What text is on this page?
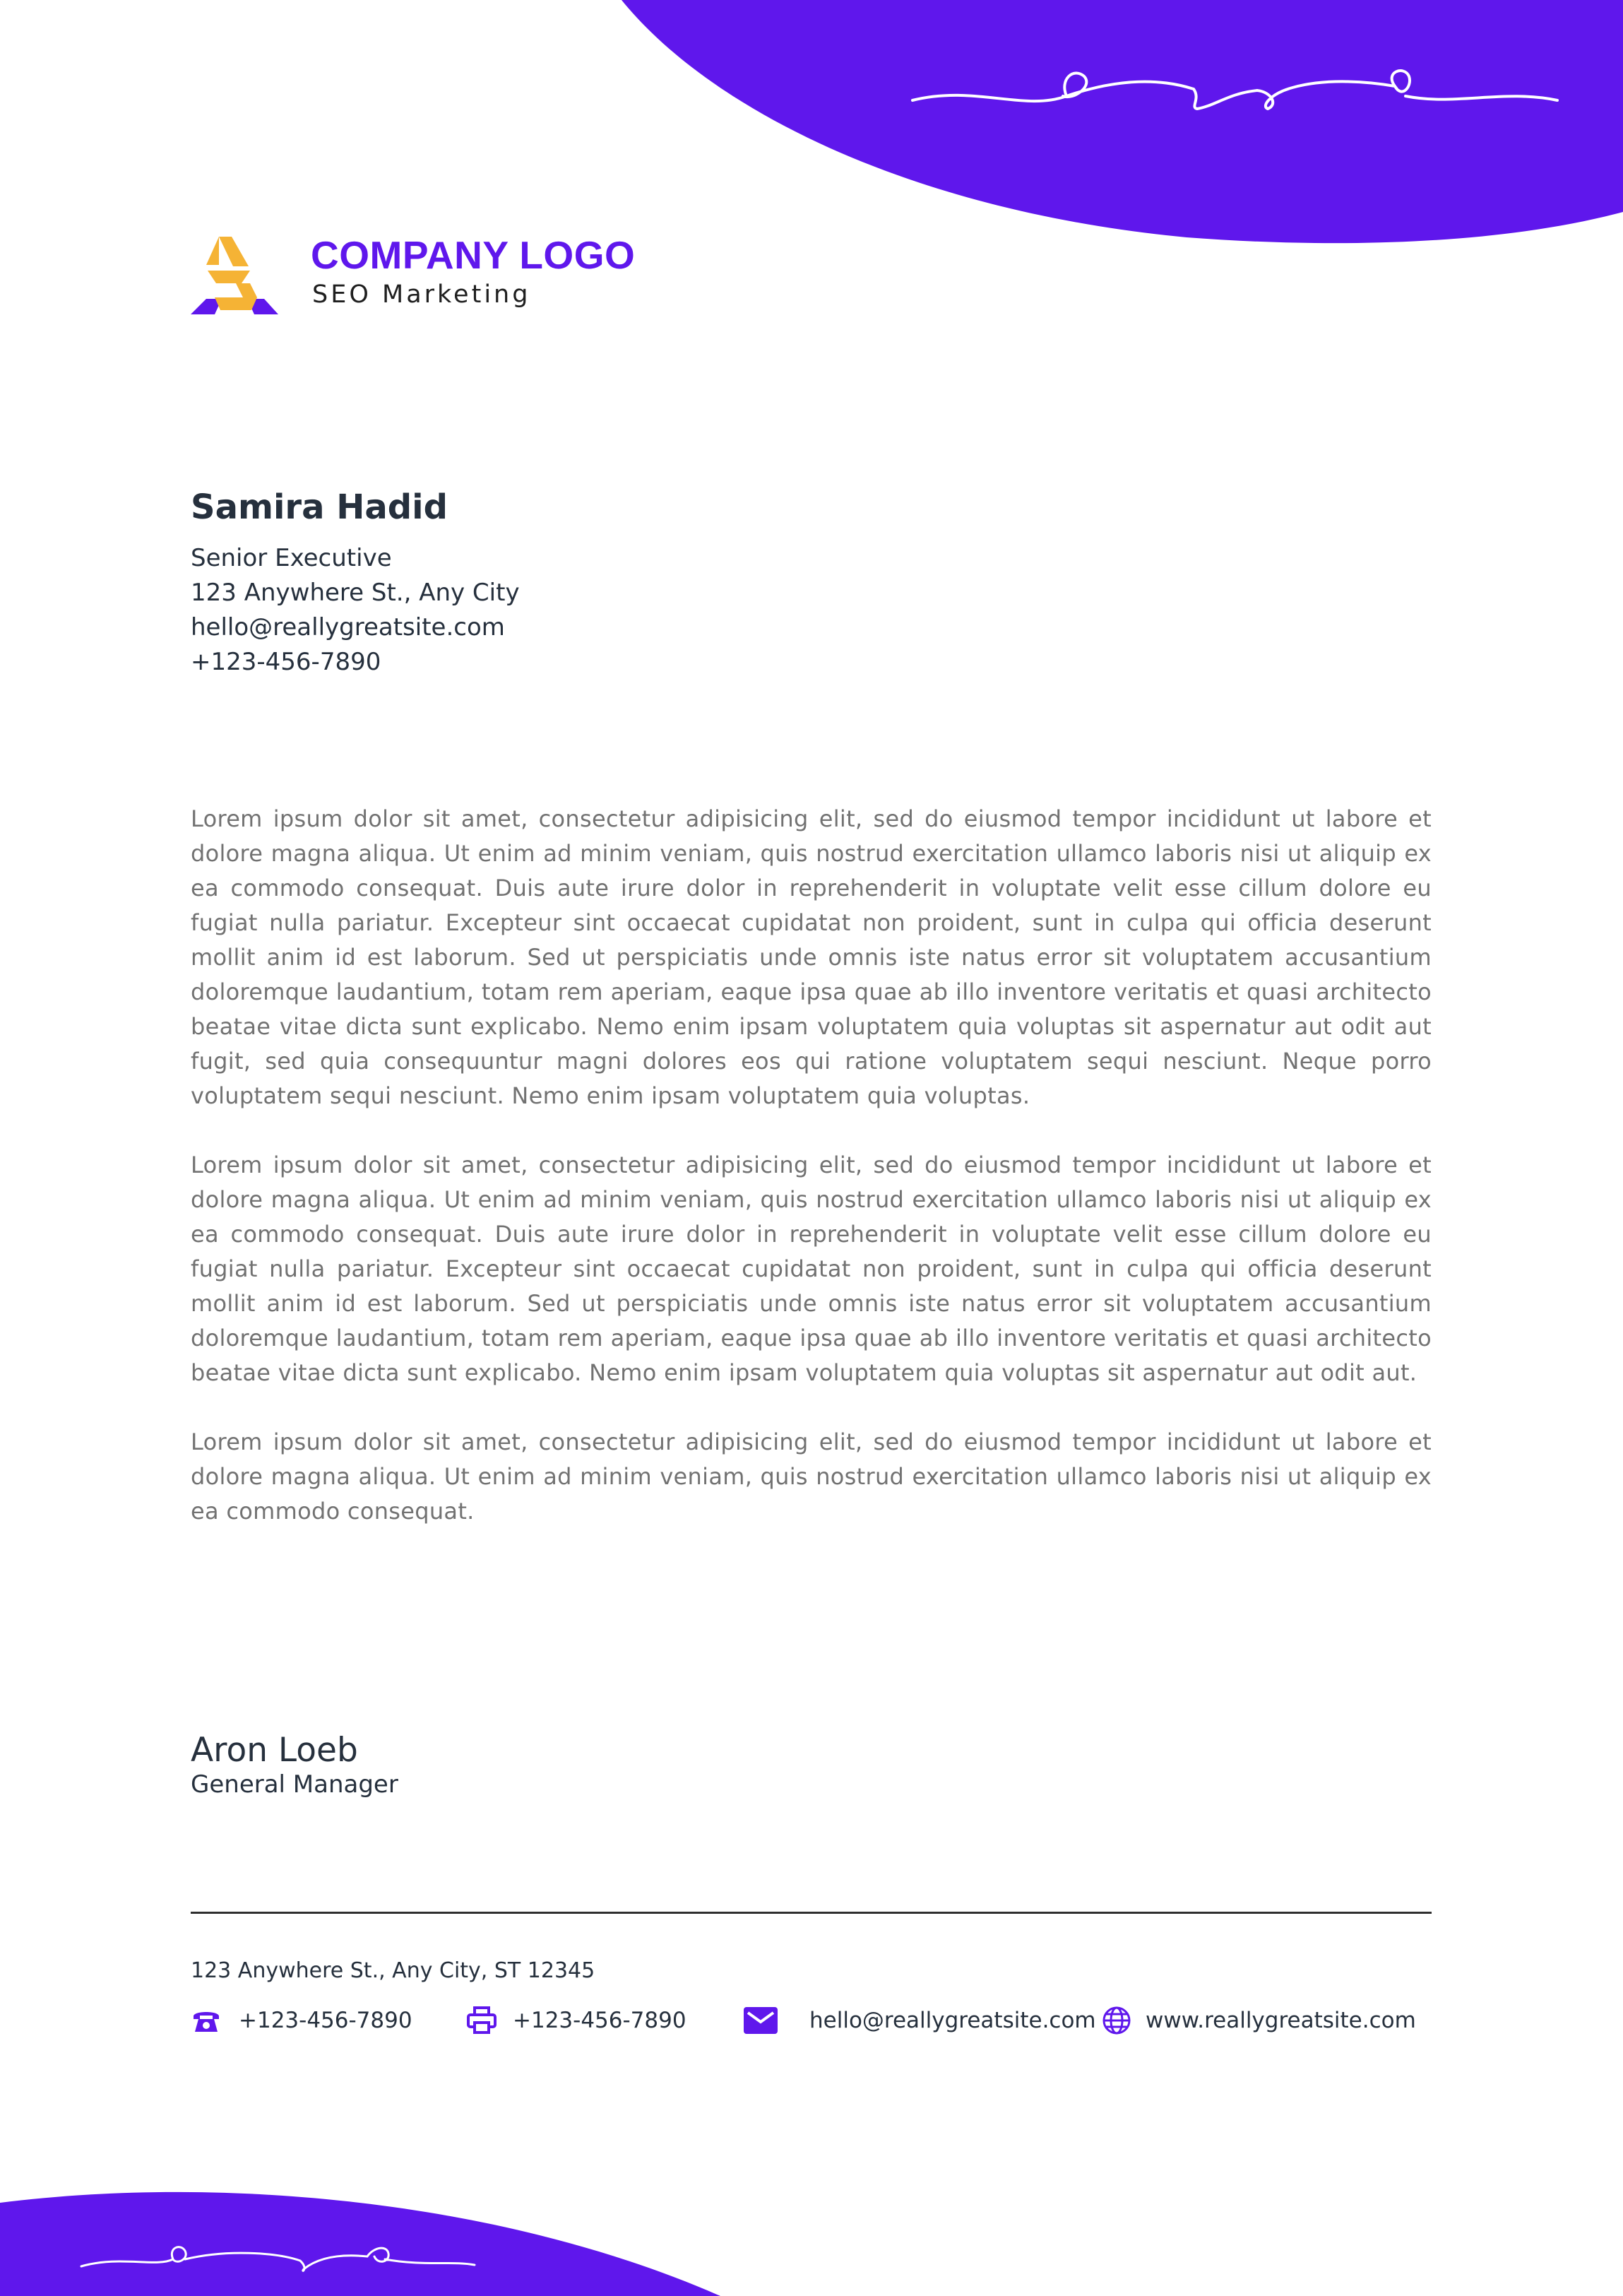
COMPANY LOGO
SEO Marketing
Samira Hadid
Senior Executive
123 Anywhere St., Any City
hello@reallygreatsite.com
+123-456-7890

Lorem ipsum dolor sit amet, consectetur adipisicing elit, sed do eiusmod tempor incididunt ut labore et dolore magna aliqua. Ut enim ad minim veniam, quis nostrud exercitation ullamco laboris nisi ut aliquip ex ea commodo consequat. Duis aute irure dolor in reprehenderit in voluptate velit esse cillum dolore eu fugiat nulla pariatur. Excepteur sint occaecat cupidatat non proident, sunt in culpa qui officia deserunt mollit anim id est laborum. Sed ut perspiciatis unde omnis iste natus error sit voluptatem accusantium doloremque laudantium, totam rem aperiam, eaque ipsa quae ab illo inventore veritatis et quasi architecto beatae vitae dicta sunt explicabo. Nemo enim ipsam voluptatem quia voluptas sit aspernatur aut odit aut fugit, sed quia consequuntur magni dolores eos qui ratione voluptatem sequi nesciunt. Neque porro voluptatem sequi nesciunt. Nemo enim ipsam voluptatem quia voluptas.

Lorem ipsum dolor sit amet, consectetur adipisicing elit, sed do eiusmod tempor incididunt ut labore et dolore magna aliqua. Ut enim ad minim veniam, quis nostrud exercitation ullamco laboris nisi ut aliquip ex ea commodo consequat. Duis aute irure dolor in reprehenderit in voluptate velit esse cillum dolore eu fugiat nulla pariatur. Excepteur sint occaecat cupidatat non proident, sunt in culpa qui officia deserunt mollit anim id est laborum. Sed ut perspiciatis unde omnis iste natus error sit voluptatem accusantium doloremque laudantium, totam rem aperiam, eaque ipsa quae ab illo inventore veritatis et quasi architecto beatae vitae dicta sunt explicabo. Nemo enim ipsam voluptatem quia voluptas sit aspernatur aut odit aut.

Lorem ipsum dolor sit amet, consectetur adipisicing elit, sed do eiusmod tempor incididunt ut labore et dolore magna aliqua. Ut enim ad minim veniam, quis nostrud exercitation ullamco laboris nisi ut aliquip ex ea commodo consequat.

Aron Loeb
General Manager
123 Anywhere St., Any City, ST 12345
+123-456-7890	+123-456-7890	hello@reallygreatsite.com www.reallygreatsite.com
